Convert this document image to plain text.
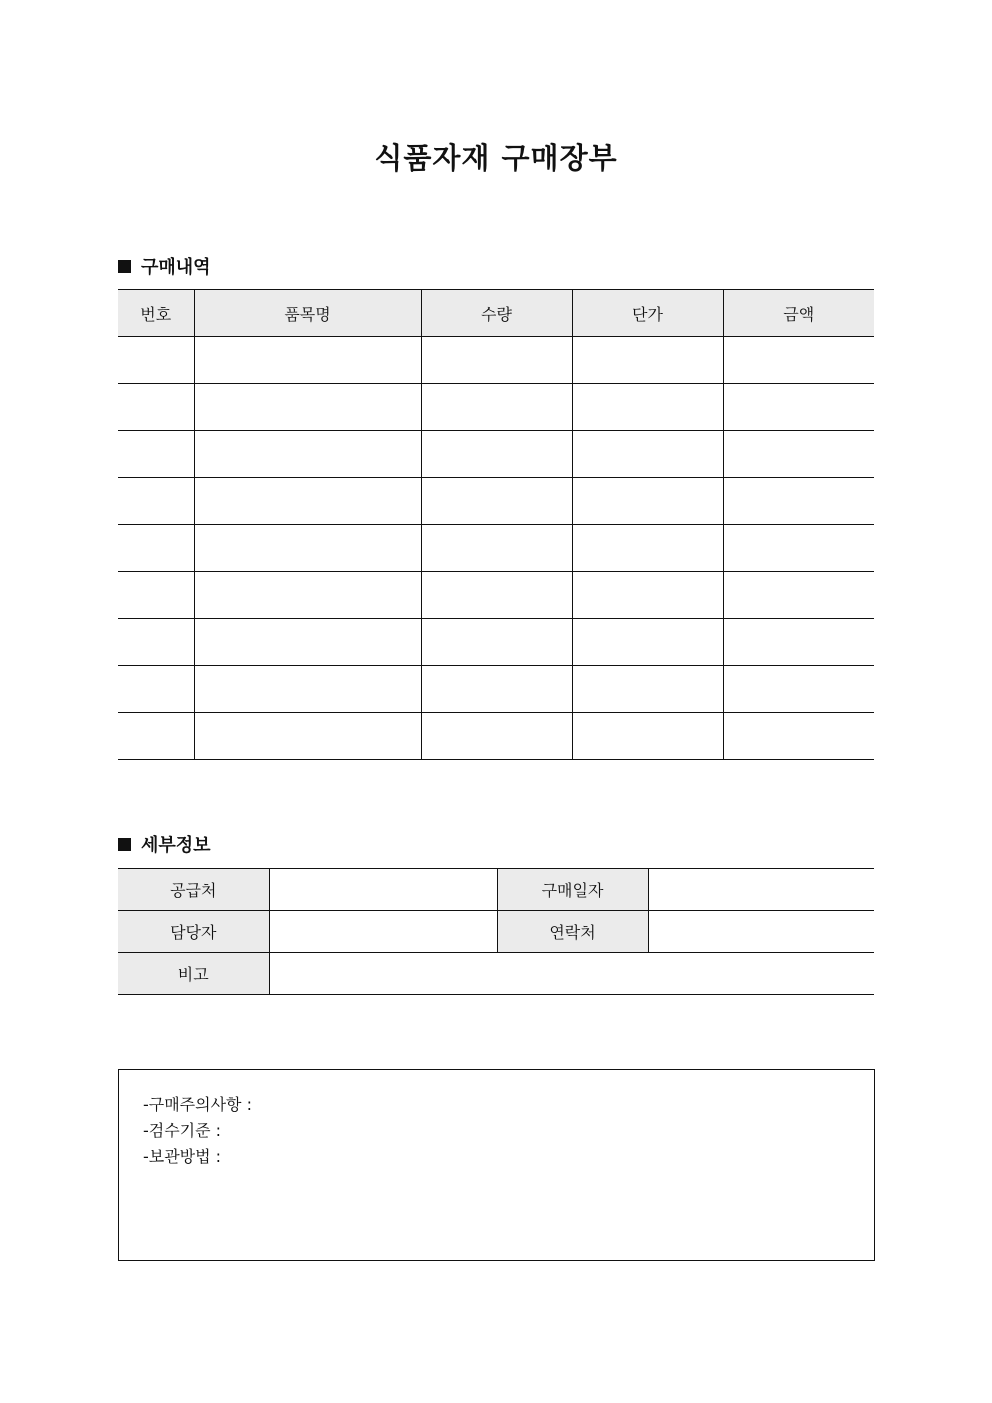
식품자재 구매장부
구매내역
번호	품목명	수량	단가	금액

세부정보
공급처		구매일자	
담당자		연락처	
비고			
-구매주의사항 :
-검수기준 :
-보관방법 :
